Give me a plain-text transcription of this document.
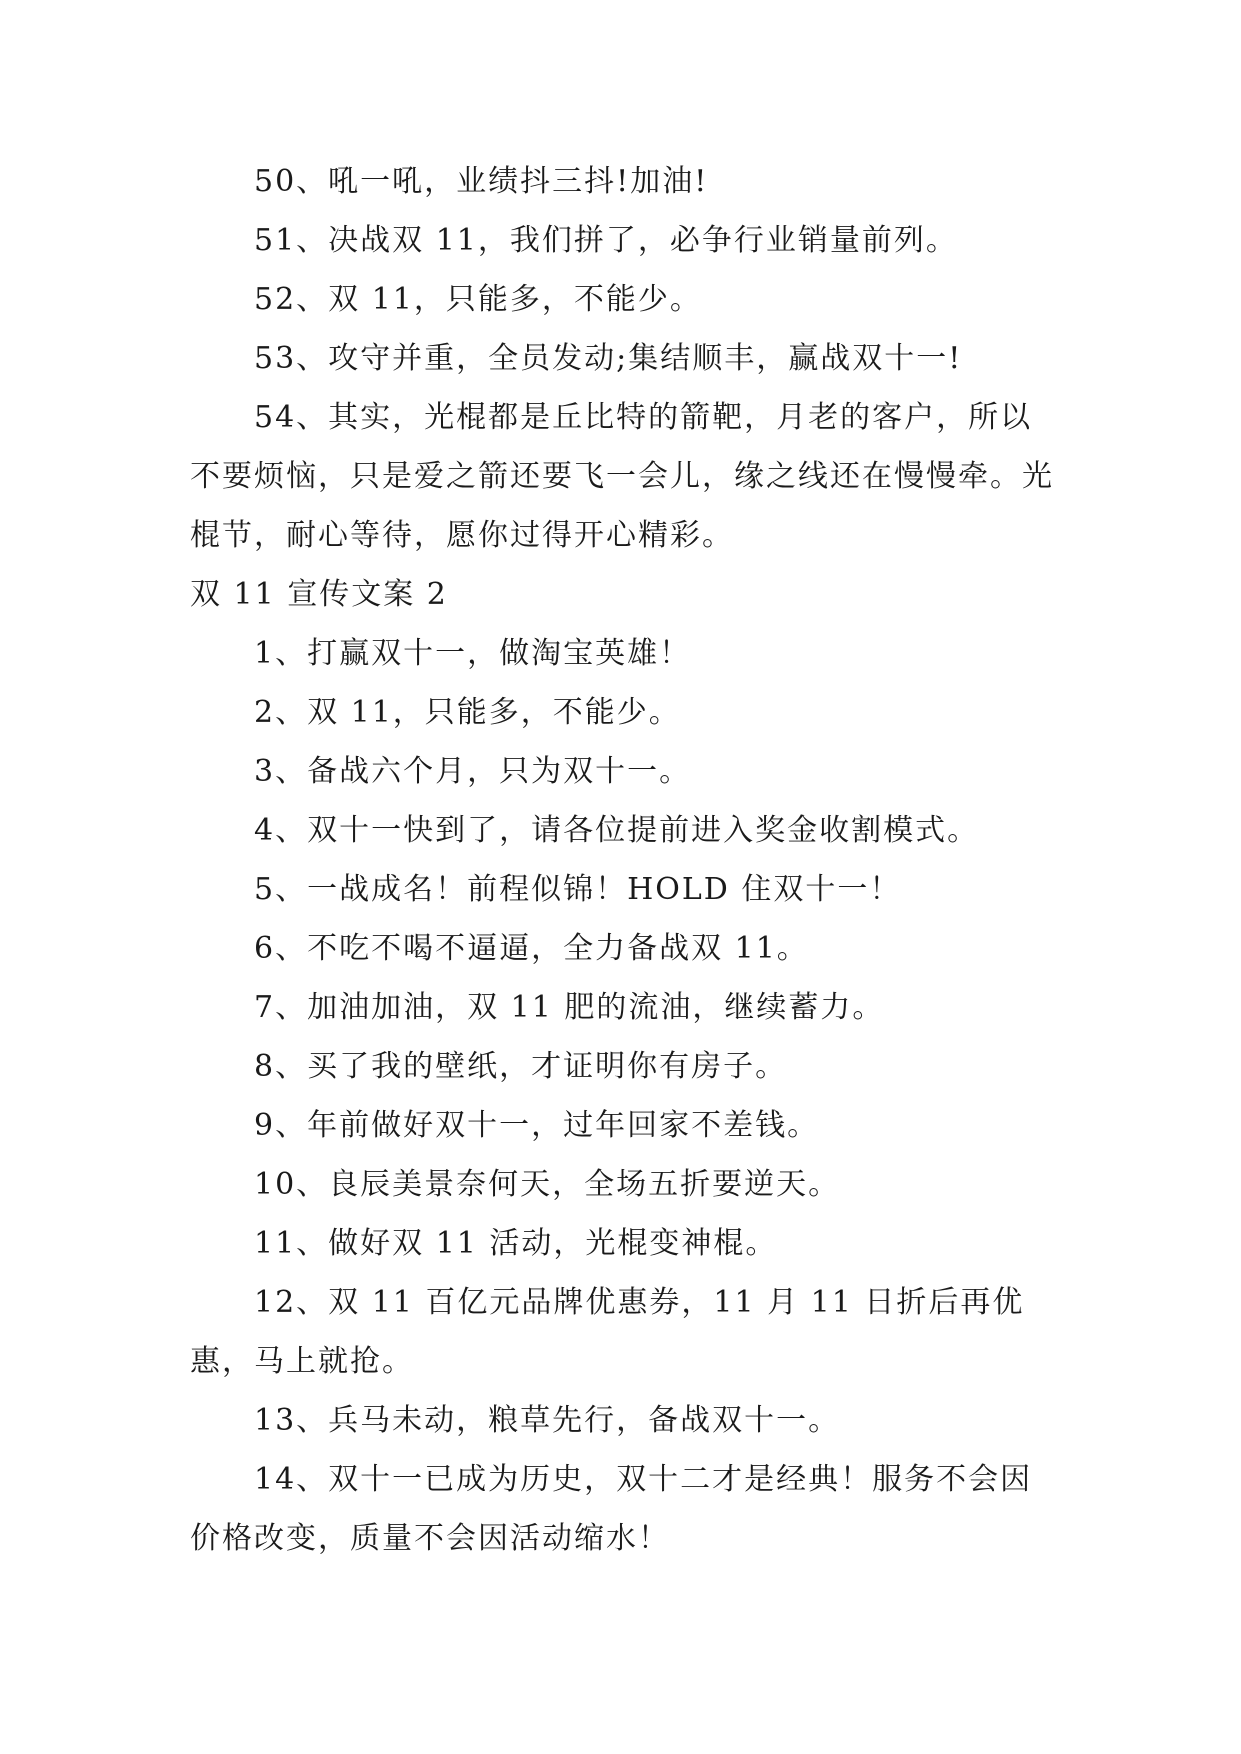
50、吼一吼，业绩抖三抖!加油!

51、决战双 11，我们拼了，必争行业销量前列。

52、双 11，只能多，不能少。

53、攻守并重，全员发动;集结顺丰，赢战双十一!

54、其实，光棍都是丘比特的箭靶，月老的客户，所以不要烦恼，只是爱之箭还要飞一会儿，缘之线还在慢慢牵。光棍节，耐心等待，愿你过得开心精彩。

双 11 宣传文案 2

1、打赢双十一，做淘宝英雄！

2、双 11，只能多，不能少。

3、备战六个月，只为双十一。

4、双十一快到了，请各位提前进入奖金收割模式。

5、一战成名！前程似锦！HOLD 住双十一！

6、不吃不喝不逼逼，全力备战双 11。

7、加油加油，双 11 肥的流油，继续蓄力。

8、买了我的壁纸，才证明你有房子。

9、年前做好双十一，过年回家不差钱。

10、良辰美景奈何天，全场五折要逆天。

11、做好双 11 活动，光棍变神棍。

12、双 11 百亿元品牌优惠券，11 月 11 日折后再优惠，马上就抢。

13、兵马未动，粮草先行，备战双十一。

14、双十一已成为历史，双十二才是经典！服务不会因价格改变，质量不会因活动缩水！
